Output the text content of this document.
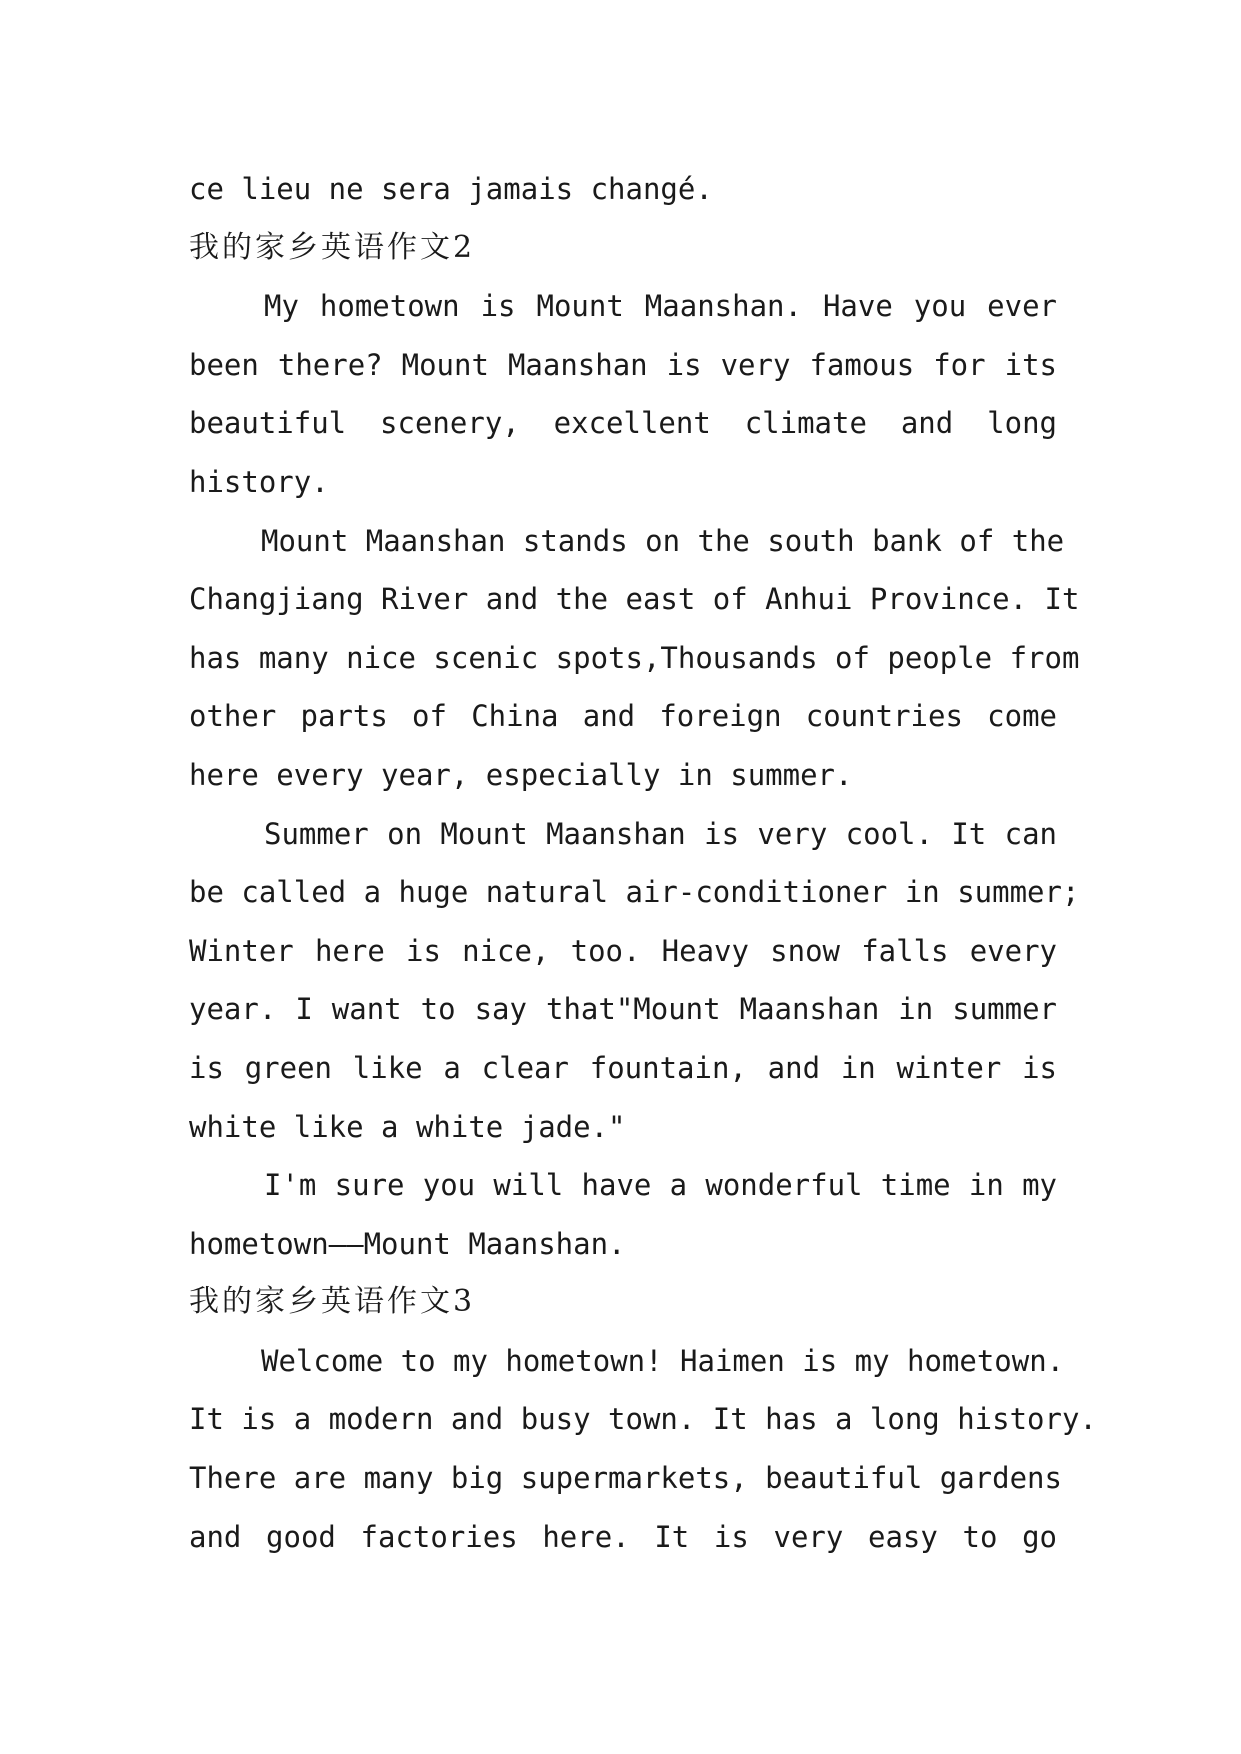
ce lieu ne sera jamais changé.
我的家乡英语作文2
My hometown is Mount Maanshan. Have you ever
been there? Mount Maanshan is very famous for its
beautiful scenery, excellent climate and long
history.
Mount Maanshan stands on the south bank of the
Changjiang River and the east of Anhui Province. It
has many nice scenic spots,Thousands of people from
other parts of China and foreign countries come
here every year, especially in summer.
Summer on Mount Maanshan is very cool. It can
be called a huge natural air-conditioner in summer;
Winter here is nice, too. Heavy snow falls every
year. I want to say that"Mount Maanshan in summer
is green like a clear fountain, and in winter is
white like a white jade."
I'm sure you will have a wonderful time in my
hometown——Mount Maanshan.
我的家乡英语作文3
Welcome to my hometown! Haimen is my hometown.
It is a modern and busy town. It has a long history.
There are many big supermarkets, beautiful gardens
and good factories here. It is very easy to go
